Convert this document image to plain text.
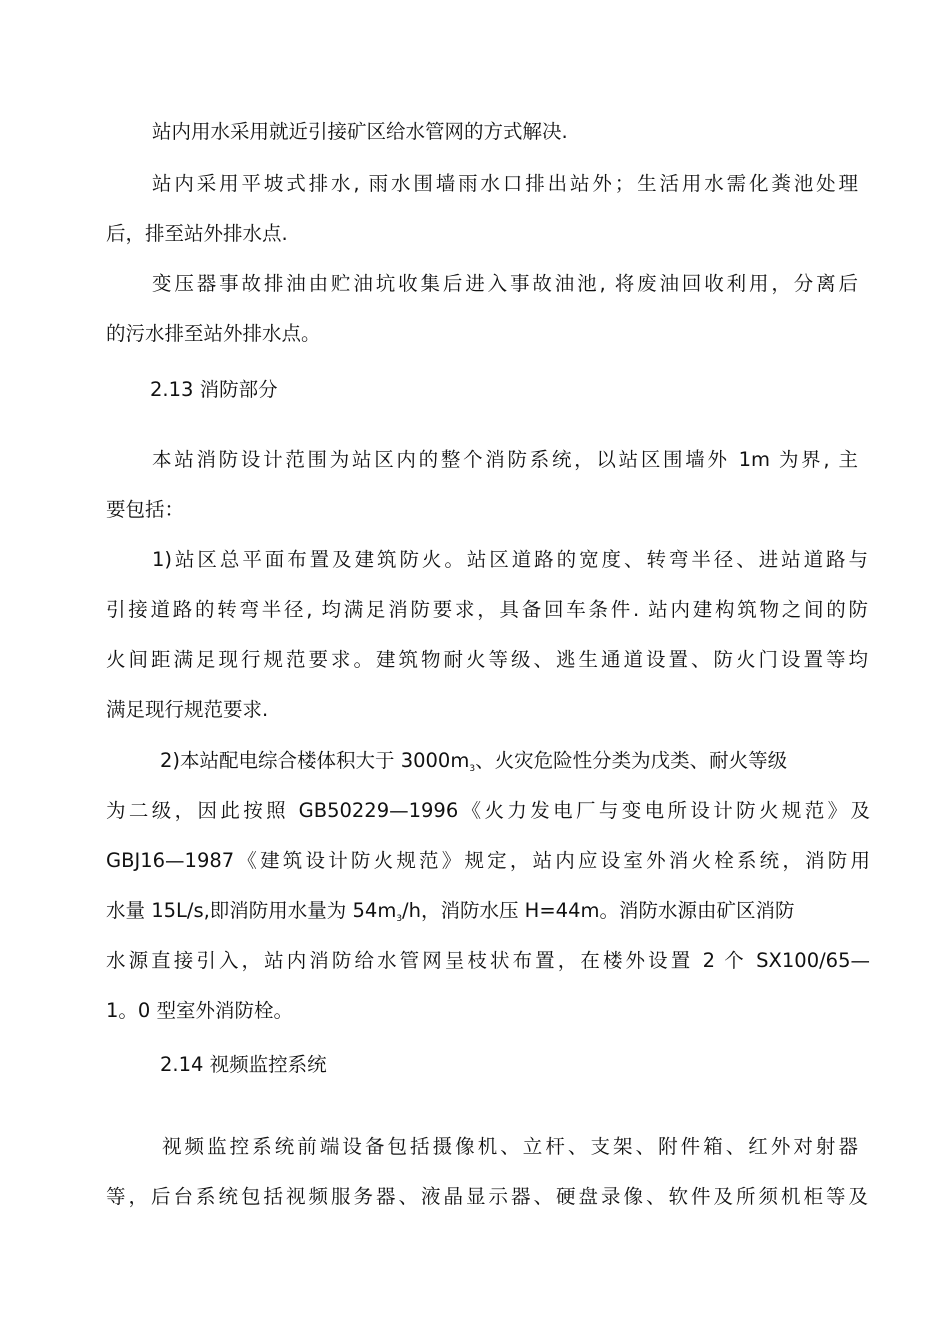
站内用水采用就近引接矿区给水管网的方式解决.
站内采用平坡式排水, 雨水围墙雨水口排出站外；生活用水需化粪池处理
后，排至站外排水点.
变压器事故排油由贮油坑收集后进入事故油池, 将废油回收利用，分离后
的污水排至站外排水点。
2.13 消防部分
本站消防设计范围为站区内的整个消防系统，以站区围墙外 1m 为界, 主
要包括：
1)站区总平面布置及建筑防火。站区道路的宽度、转弯半径、进站道路与
引接道路的转弯半径, 均满足消防要求，具备回车条件. 站内建构筑物之间的防
火间距满足现行规范要求。建筑物耐火等级、逃生通道设置、防火门设置等均
满足现行规范要求.
2)本站配电综合楼体积大于 $3000m_3$、火灾危险性分类为戊类、耐火等级
为二级，因此按照 GB50229—1996《火力发电厂与变电所设计防火规范》及
GBJ16—1987《建筑设计防火规范》规定，站内应设室外消火栓系统，消防用
水量 15L/s,即消防用水量为 $54m_3/h$，消防水压 H=44m。消防水源由矿区消防
水源直接引入，站内消防给水管网呈枝状布置，在楼外设置 2 个 SX100/65—
1。0 型室外消防栓。
2.14 视频监控系统
视频监控系统前端设备包括摄像机、立杆、支架、附件箱、红外对射器
等，后台系统包括视频服务器、液晶显示器、硬盘录像、软件及所须机柜等及
